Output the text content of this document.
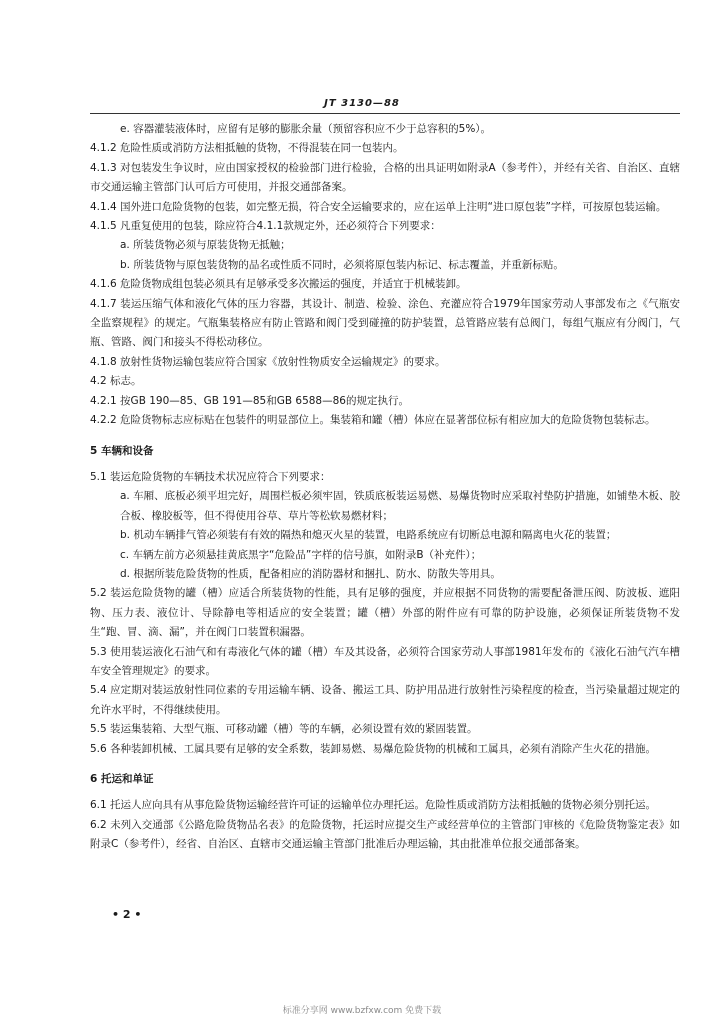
JT 3130—88

e. 容器灌装液体时，应留有足够的膨胀余量（预留容积应不少于总容积的5%）。

4.1.2 危险性质或消防方法相抵触的货物，不得混装在同一包装内。

4.1.3 对包装发生争议时，应由国家授权的检验部门进行检验，合格的出具证明如附录A（参考件），并经有关省、自治区、直辖市交通运输主管部门认可后方可使用，并报交通部备案。

4.1.4 国外进口危险货物的包装，如完整无损，符合安全运输要求的，应在运单上注明“进口原包装”字样，可按原包装运输。

4.1.5 凡重复使用的包装，除应符合4.1.1款规定外，还必须符合下列要求：

a. 所装货物必须与原装货物无抵触；

b. 所装货物与原包装货物的品名或性质不同时，必须将原包装内标记、标志覆盖，并重新标贴。

4.1.6 危险货物成组包装必须具有足够承受多次搬运的强度，并适宜于机械装卸。

4.1.7 装运压缩气体和液化气体的压力容器，其设计、制造、检验、涂色、充灌应符合1979年国家劳动人事部发布之《气瓶安全监察规程》的规定。气瓶集装格应有防止管路和阀门受到碰撞的防护装置，总管路应装有总阀门，每组气瓶应有分阀门，气瓶、管路、阀门和接头不得松动移位。

4.1.8 放射性货物运输包装应符合国家《放射性物质安全运输规定》的要求。

4.2 标志。

4.2.1 按GB 190—85、GB 191—85和GB 6588—86的规定执行。

4.2.2 危险货物标志应标贴在包装件的明显部位上。集装箱和罐（槽）体应在显著部位标有相应加大的危险货物包装标志。

5 车辆和设备

5.1 装运危险货物的车辆技术状况应符合下列要求：

a. 车厢、底板必须平坦完好，周围栏板必须牢固，铁质底板装运易燃、易爆货物时应采取衬垫防护措施，如铺垫木板、胶合板、橡胶板等，但不得使用谷草、草片等松软易燃材料；

b. 机动车辆排气管必须装有有效的隔热和熄灭火星的装置，电路系统应有切断总电源和隔离电火花的装置；

c. 车辆左前方必须悬挂黄底黑字“危险品”字样的信号旗，如附录B（补充件）；

d. 根据所装危险货物的性质，配备相应的消防器材和捆扎、防水、防散失等用具。

5.2 装运危险货物的罐（槽）应适合所装货物的性能，具有足够的强度，并应根据不同货物的需要配备泄压阀、防波板、遮阳物、压力表、液位计、导除静电等相适应的安全装置；罐（槽）外部的附件应有可靠的防护设施，必须保证所装货物不发生“跑、冒、滴、漏”，并在阀门口装置积漏器。

5.3 使用装运液化石油气和有毒液化气体的罐（槽）车及其设备，必须符合国家劳动人事部1981年发布的《液化石油气汽车槽车安全管理规定》的要求。

5.4 应定期对装运放射性同位素的专用运输车辆、设备、搬运工具、防护用品进行放射性污染程度的检查，当污染量超过规定的允许水平时，不得继续使用。

5.5 装运集装箱、大型气瓶、可移动罐（槽）等的车辆，必须设置有效的紧固装置。

5.6 各种装卸机械、工属具要有足够的安全系数，装卸易燃、易爆危险货物的机械和工属具，必须有消除产生火花的措施。

6 托运和单证

6.1 托运人应向具有从事危险货物运输经营许可证的运输单位办理托运。危险性质或消防方法相抵触的货物必须分别托运。

6.2 未列入交通部《公路危险货物品名表》的危险货物，托运时应提交生产或经营单位的主管部门审核的《危险货物鉴定表》如附录C（参考件），经省、自治区、直辖市交通运输主管部门批准后办理运输，其由批准单位报交通部备案。

• 2 •
标准分享网 www.bzfxw.com 免费下载
